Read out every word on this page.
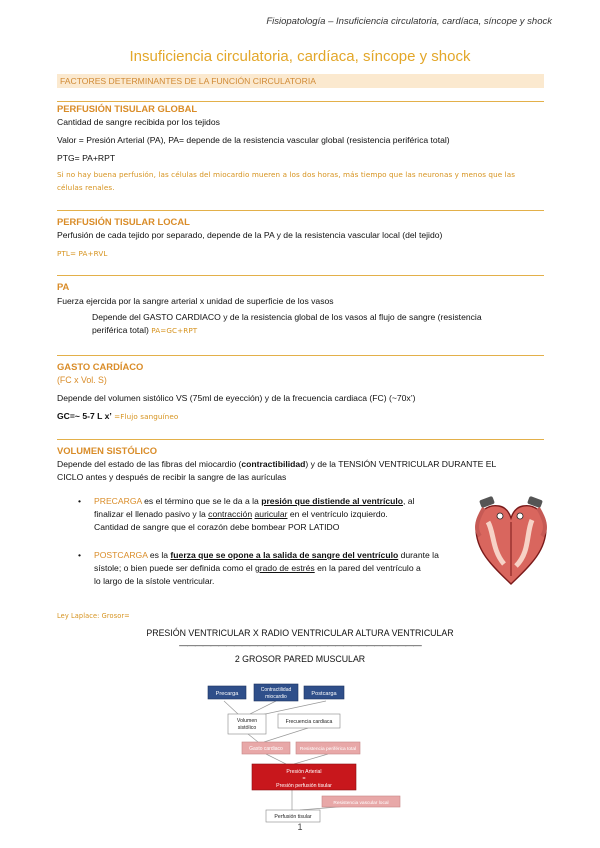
Fisiopatología – Insuficiencia circulatoria, cardíaca, síncope y shock
Insuficiencia circulatoria, cardíaca, síncope y shock
FACTORES DETERMINANTES DE LA FUNCIÓN CIRCULATORIA
PERFUSIÓN TISULAR GLOBAL
Cantidad de sangre recibida por los tejidos
Valor = Presión Arterial (PA), PA= depende de la resistencia vascular global (resistencia periférica total)
PTG= PA+RPT
Si no hay buena perfusión, las células del miocardio mueren a los dos horas, más tiempo que las neuronas y menos que las
células renales.
PERFUSIÓN TISULAR LOCAL
Perfusión de cada tejido por separado, depende de la PA y de la resistencia vascular local (del tejido)
PTL= PA+RVL
PA
Fuerza ejercida por la sangre arterial x unidad de superficie de los vasos
Depende del GASTO CARDIACO y de la resistencia global de los vasos al flujo de sangre (resistencia
periférica total) PA=GC+RPT
GASTO CARDÍACO
(FC x Vol. S)
Depende del volumen sistólico VS (75ml de eyección) y de la frecuencia cardiaca (FC) (~70x’)
GC=~ 5-7 L x’ =Flujo sanguíneo
VOLUMEN SISTÓLICO
Depende del estado de las fibras del miocardio (contractibilidad) y de la TENSIÓN VENTRICULAR DURANTE EL
CICLO antes y después de recibir la sangre de las aurículas
• PRECARGA es el término que se le da a la presión que distiende al ventrículo, al
finalizar el llenado pasivo y la contracción auricular en el ventrículo izquierdo.
Cantidad de sangre que el corazón debe bombear POR LATIDO
• POSTCARGA es la fuerza que se opone a la salida de sangre del ventrículo durante la
sístole; o bien puede ser definida como el grado de estrés en la pared del ventrículo a
lo largo de la sístole ventricular.
Ley Laplace: Grosor=
PRESIÓN VENTRICULAR X RADIO VENTRICULAR ALTURA VENTRICULAR
———————————————————————————————
2 GROSOR PARED MUSCULAR
Precarga
Contractilidad
miocardio	Postcarga
Volumen
sistólico
Frecuencia cardiaca
Gasto cardiaco	Resistencia periférica total
Presión Arterial
=
Presión perfusión tisular
Resistencia vascular local
Perfusión tisular
1
